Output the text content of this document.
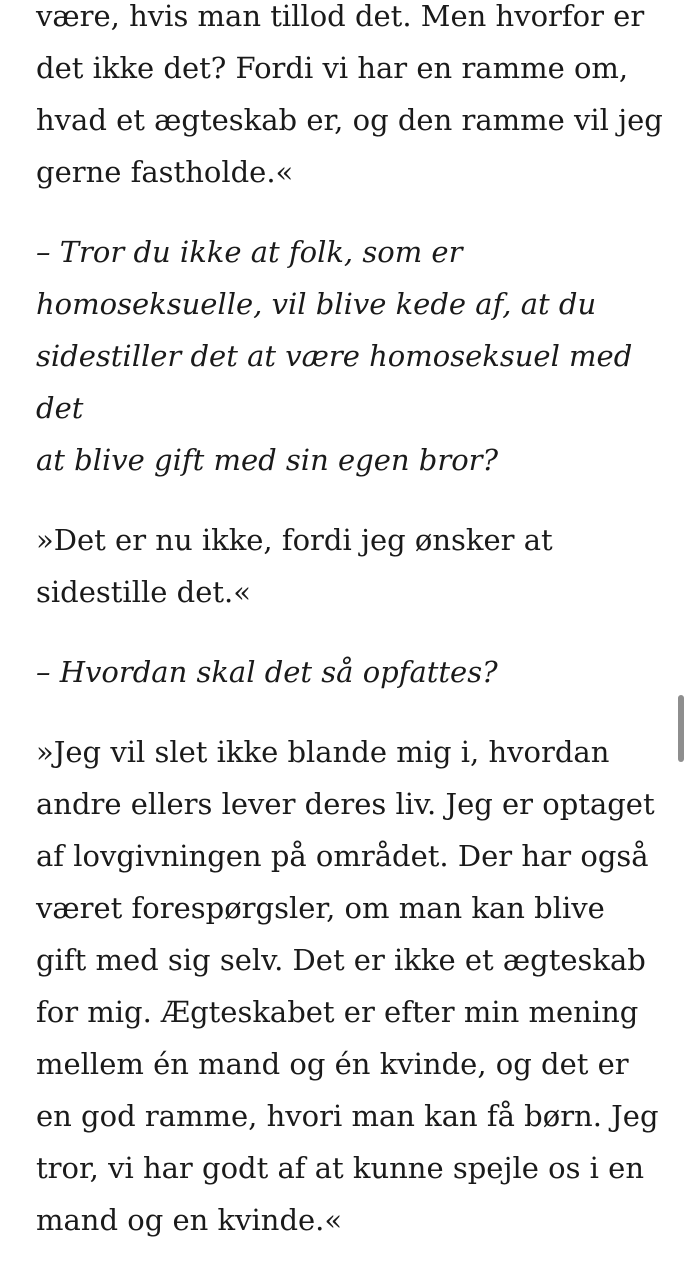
være, hvis man tillod det. Men hvorfor er
det ikke det? Fordi vi har en ramme om,
hvad et ægteskab er, og den ramme vil jeg
gerne fastholde.«

– Tror du ikke at folk, som er
homoseksuelle, vil blive kede af, at du
sidestiller det at være homoseksuel med det
at blive gift med sin egen bror?

»Det er nu ikke, fordi jeg ønsker at
sidestille det.«

– Hvordan skal det så opfattes?

»Jeg vil slet ikke blande mig i, hvordan
andre ellers lever deres liv. Jeg er optaget
af lovgivningen på området. Der har også
været forespørgsler, om man kan blive
gift med sig selv. Det er ikke et ægteskab
for mig. Ægteskabet er efter min mening
mellem én mand og én kvinde, og det er
en god ramme, hvori man kan få børn. Jeg
tror, vi har godt af at kunne spejle os i en
mand og en kvinde.«
